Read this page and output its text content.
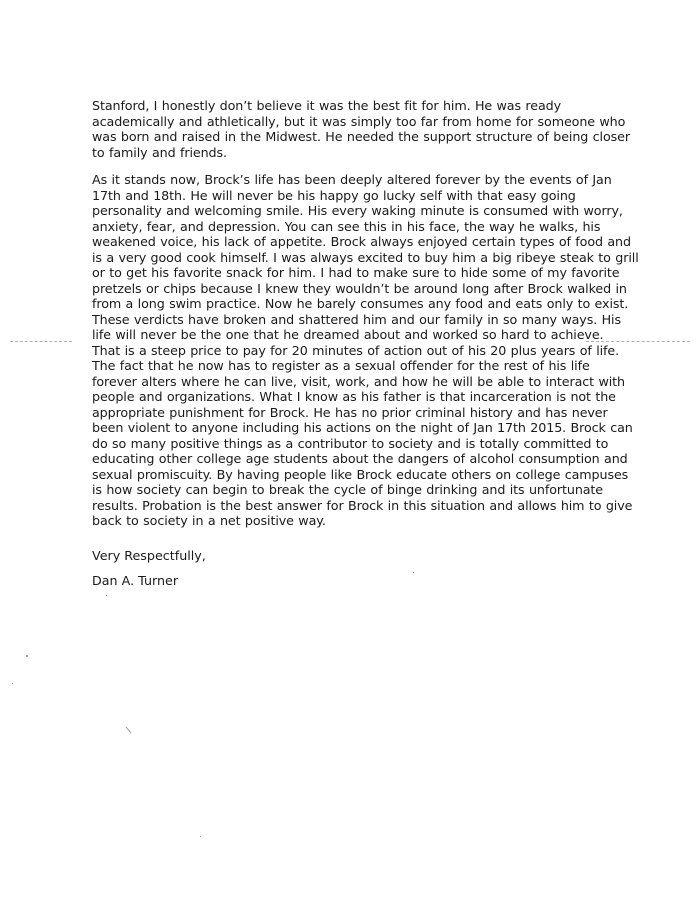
Stanford, I honestly don’t believe it was the best fit for him. He was ready
academically and athletically, but it was simply too far from home for someone who
was born and raised in the Midwest. He needed the support structure of being closer
to family and friends.

As it stands now, Brock’s life has been deeply altered forever by the events of Jan
17th and 18th. He will never be his happy go lucky self with that easy going
personality and welcoming smile. His every waking minute is consumed with worry,
anxiety, fear, and depression. You can see this in his face, the way he walks, his
weakened voice, his lack of appetite. Brock always enjoyed certain types of food and
is a very good cook himself. I was always excited to buy him a big ribeye steak to grill
or to get his favorite snack for him. I had to make sure to hide some of my favorite
pretzels or chips because I knew they wouldn’t be around long after Brock walked in
from a long swim practice. Now he barely consumes any food and eats only to exist.
These verdicts have broken and shattered him and our family in so many ways. His
life will never be the one that he dreamed about and worked so hard to achieve.
That is a steep price to pay for 20 minutes of action out of his 20 plus years of life.
The fact that he now has to register as a sexual offender for the rest of his life
forever alters where he can live, visit, work, and how he will be able to interact with
people and organizations. What I know as his father is that incarceration is not the
appropriate punishment for Brock. He has no prior criminal history and has never
been violent to anyone including his actions on the night of Jan 17th 2015. Brock can
do so many positive things as a contributor to society and is totally committed to
educating other college age students about the dangers of alcohol consumption and
sexual promiscuity. By having people like Brock educate others on college campuses
is how society can begin to break the cycle of binge drinking and its unfortunate
results. Probation is the best answer for Brock in this situation and allows him to give
back to society in a net positive way.

Very Respectfully,
Dan A. Turner
